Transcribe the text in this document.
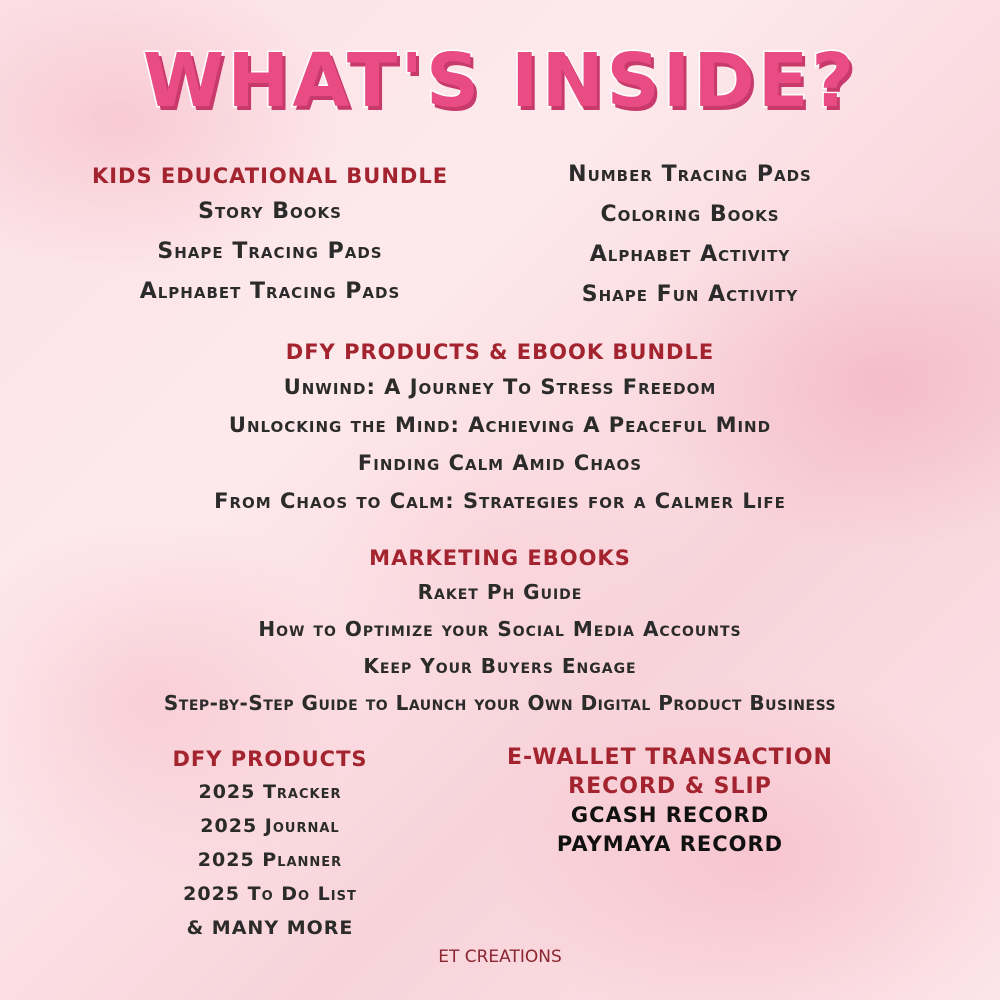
WHAT'S INSIDE?
KIDS EDUCATIONAL BUNDLE
Story Books
Shape Tracing Pads
Alphabet Tracing Pads
Number Tracing Pads
Coloring Books
Alphabet Activity
Shape Fun Activity
DFY PRODUCTS & EBOOK BUNDLE
Unwind: A Journey To Stress Freedom
Unlocking the Mind: Achieving A Peaceful Mind
Finding Calm Amid Chaos
From Chaos to Calm: Strategies for a Calmer Life
MARKETING EBOOKS
Raket Ph Guide
How to Optimize your Social Media Accounts
Keep Your Buyers Engage
Step-by-Step Guide to Launch your Own Digital Product Business
DFY PRODUCTS
2025 Tracker
2025 Journal
2025 Planner
2025 To Do List
& MANY MORE
E-WALLET TRANSACTION
RECORD & SLIP
GCASH RECORD
PAYMAYA RECORD
ET CREATIONS
